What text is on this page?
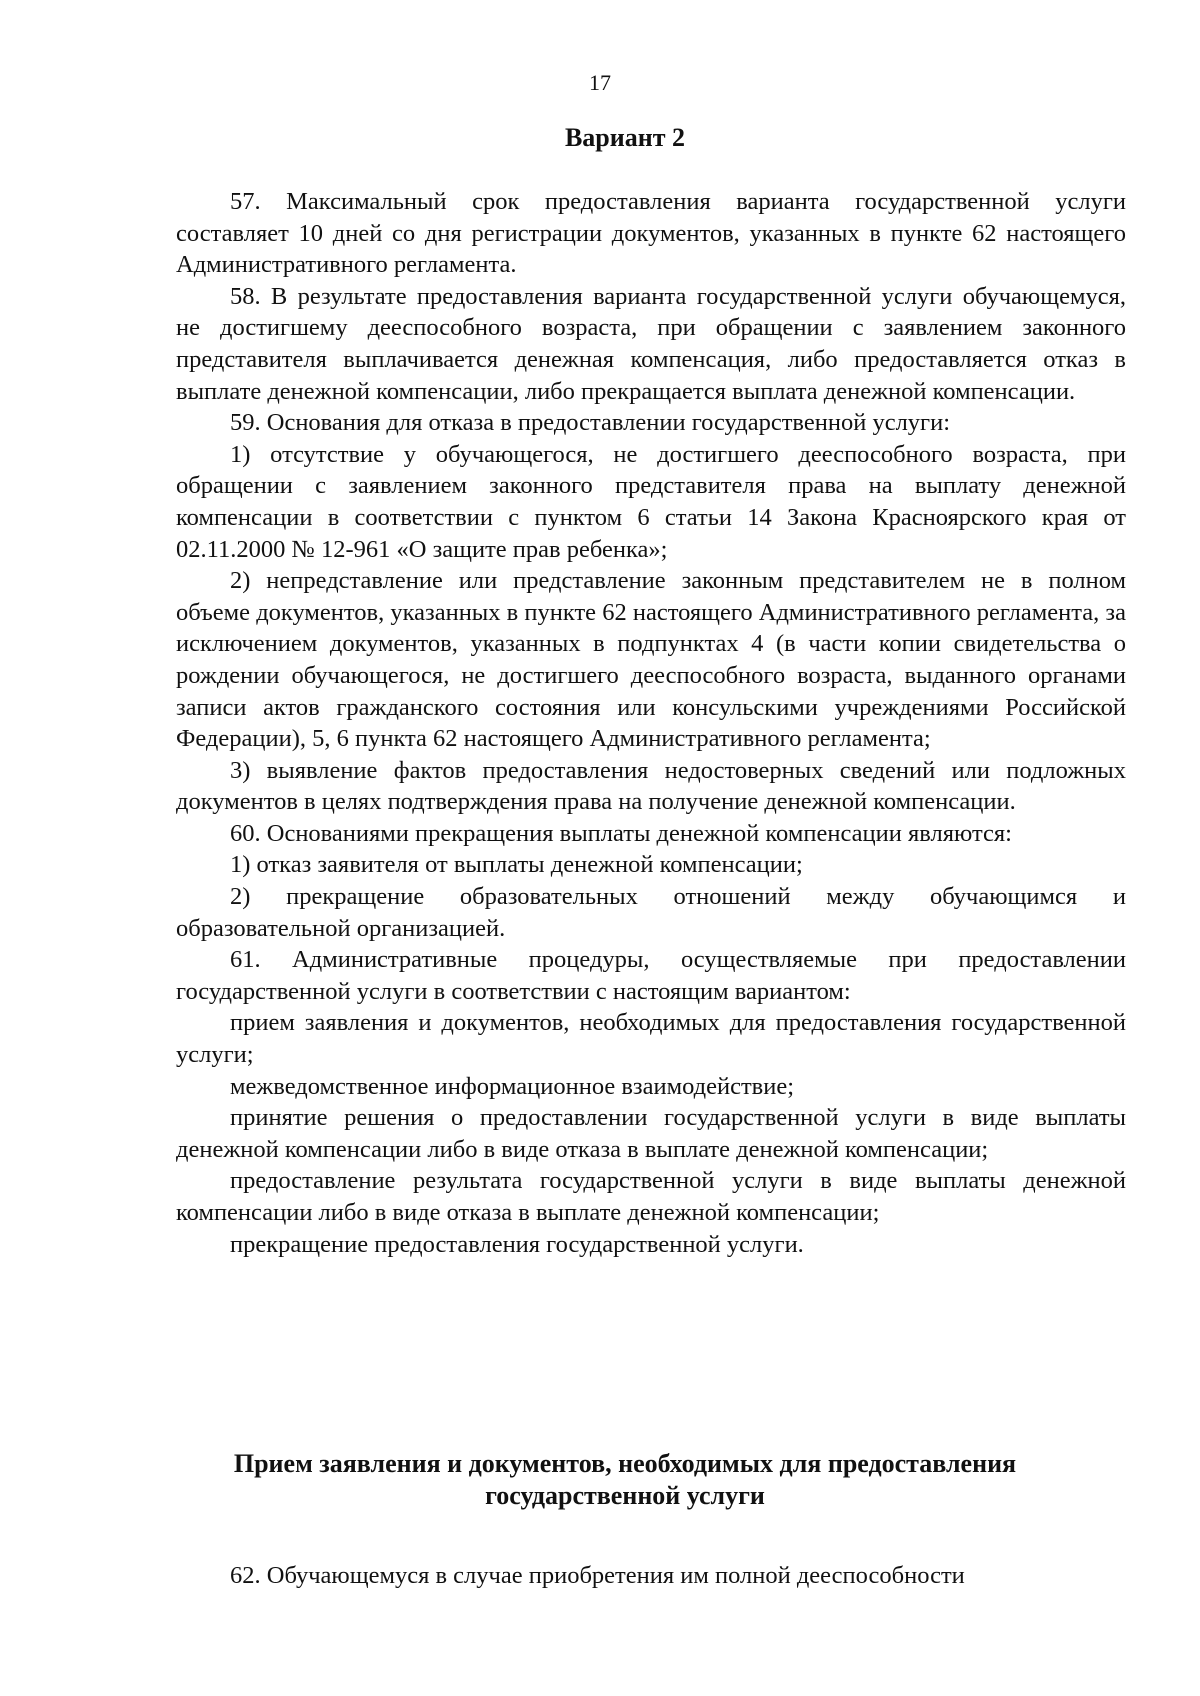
17
Вариант 2

57. Максимальный срок предоставления варианта государственной услуги составляет 10 дней со дня регистрации документов, указанных в пункте 62 настоящего Административного регламента.

58. В результате предоставления варианта государственной услуги обучающемуся, не достигшему дееспособного возраста, при обращении с заявлением законного представителя выплачивается денежная компенсация, либо предоставляется отказ в выплате денежной компенсации, либо прекращается выплата денежной компенсации.

59. Основания для отказа в предоставлении государственной услуги:

1) отсутствие у обучающегося, не достигшего дееспособного возраста, при обращении с заявлением законного представителя права на выплату денежной компенсации в соответствии с пунктом 6 статьи 14 Закона Красноярского края от 02.11.2000 № 12-961 «О защите прав ребенка»;

2) непредставление или представление законным представителем не в полном объеме документов, указанных в пункте 62 настоящего Административного регламента, за исключением документов, указанных в подпунктах 4 (в части копии свидетельства о рождении обучающегося, не достигшего дееспособного возраста, выданного органами записи актов гражданского состояния или консульскими учреждениями Российской Федерации), 5, 6 пункта 62 настоящего Административного регламента;

3) выявление фактов предоставления недостоверных сведений или подложных документов в целях подтверждения права на получение денежной компенсации.

60. Основаниями прекращения выплаты денежной компенсации являются:

1) отказ заявителя от выплаты денежной компенсации;

2) прекращение образовательных отношений между обучающимся и образовательной организацией.

61. Административные процедуры, осуществляемые при предоставлении государственной услуги в соответствии с настоящим вариантом:

прием заявления и документов, необходимых для предоставления государственной услуги;

межведомственное информационное взаимодействие;

принятие решения о предоставлении государственной услуги в виде выплаты денежной компенсации либо в виде отказа в выплате денежной компенсации;

предоставление результата государственной услуги в виде выплаты денежной компенсации либо в виде отказа в выплате денежной компенсации;

прекращение предоставления государственной услуги.

Прием заявления и документов, необходимых для предоставления
государственной услуги

62. Обучающемуся в случае приобретения им полной дееспособности
